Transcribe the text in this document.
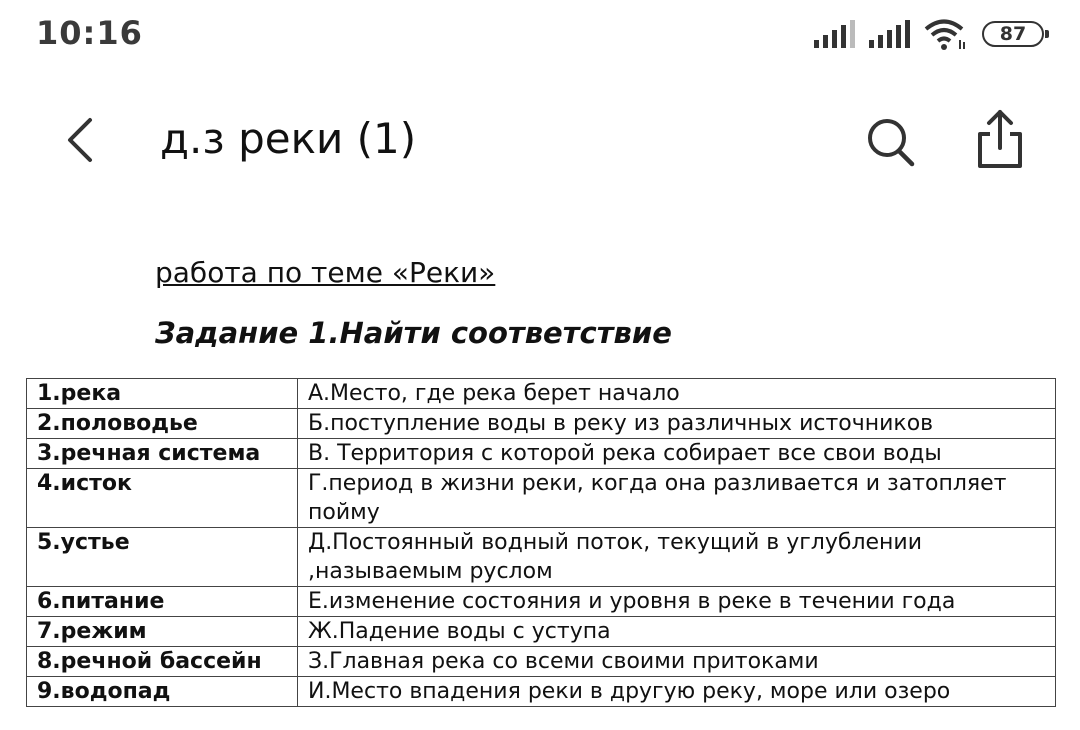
10:16	87
д.з реки (1)
работа по теме «Реки»
Задание 1.Найти соответствие
1.река	А.Место, где река берет начало
2.половодье	Б.поступление воды в реку из различных источников
3.речная система	В. Территория с которой река собирает все свои воды
4.исток	Г.период в жизни реки, когда она разливается и затопляет пойму
5.устье	Д.Постоянный водный поток, текущий в углублении ,называемым руслом
6.питание	Е.изменение состояния и уровня в реке в течении года
7.режим	Ж.Падение воды с уступа
8.речной бассейн	З.Главная река со всеми своими притоками
9.водопад	И.Место впадения реки в другую реку, море или озеро
